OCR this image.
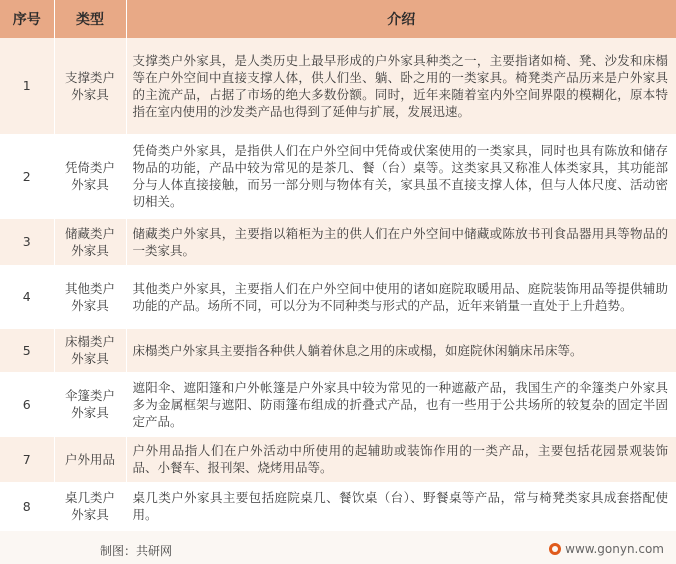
序号	类型	介绍
1	支撑类户外家具	支撑类户外家具，是人类历史上最早形成的户外家具种类之一，主要指诸如椅、凳、沙发和床榻等在户外空间中直接支撑人体，供人们坐、躺、卧之用的一类家具。椅凳类产品历来是户外家具的主流产品，占据了市场的绝大多数份额。同时，近年来随着室内外空间界限的模糊化，原本特指在室内使用的沙发类产品也得到了延伸与扩展，发展迅速。
2	凭倚类户外家具	凭倚类户外家具，是指供人们在户外空间中凭倚或伏案使用的一类家具，同时也具有陈放和储存物品的功能，产品中较为常见的是茶几、餐（台）桌等。这类家具又称准人体类家具，其功能部分与人体直接接触，而另一部分则与物体有关，家具虽不直接支撑人体，但与人体尺度、活动密切相关。
3	储藏类户外家具	储藏类户外家具，主要指以箱柜为主的供人们在户外空间中储藏或陈放书刊食品器用具等物品的一类家具。
4	其他类户外家具	其他类户外家具，主要指人们在户外空间中使用的诸如庭院取暖用品、庭院装饰用品等提供辅助功能的产品。场所不同，可以分为不同种类与形式的产品，近年来销量一直处于上升趋势。
5	床榻类户外家具	床榻类户外家具主要指各种供人躺着休息之用的床或榻，如庭院休闲躺床吊床等。
6	伞篷类户外家具	遮阳伞、遮阳篷和户外帐篷是户外家具中较为常见的一种遮蔽产品，我国生产的伞篷类户外家具多为金属框架与遮阳、防雨篷布组成的折叠式产品，也有一些用于公共场所的较复杂的固定半固定产品。
7	户外用品	户外用品指人们在户外活动中所使用的起辅助或装饰作用的一类产品，主要包括花园景观装饰品、小餐车、报刊架、烧烤用品等。
8	桌几类户外家具	桌几类户外家具主要包括庭院桌几、餐饮桌（台）、野餐桌等产品，常与椅凳类家具成套搭配使用。
制图：共研网	www.gonyn.com
